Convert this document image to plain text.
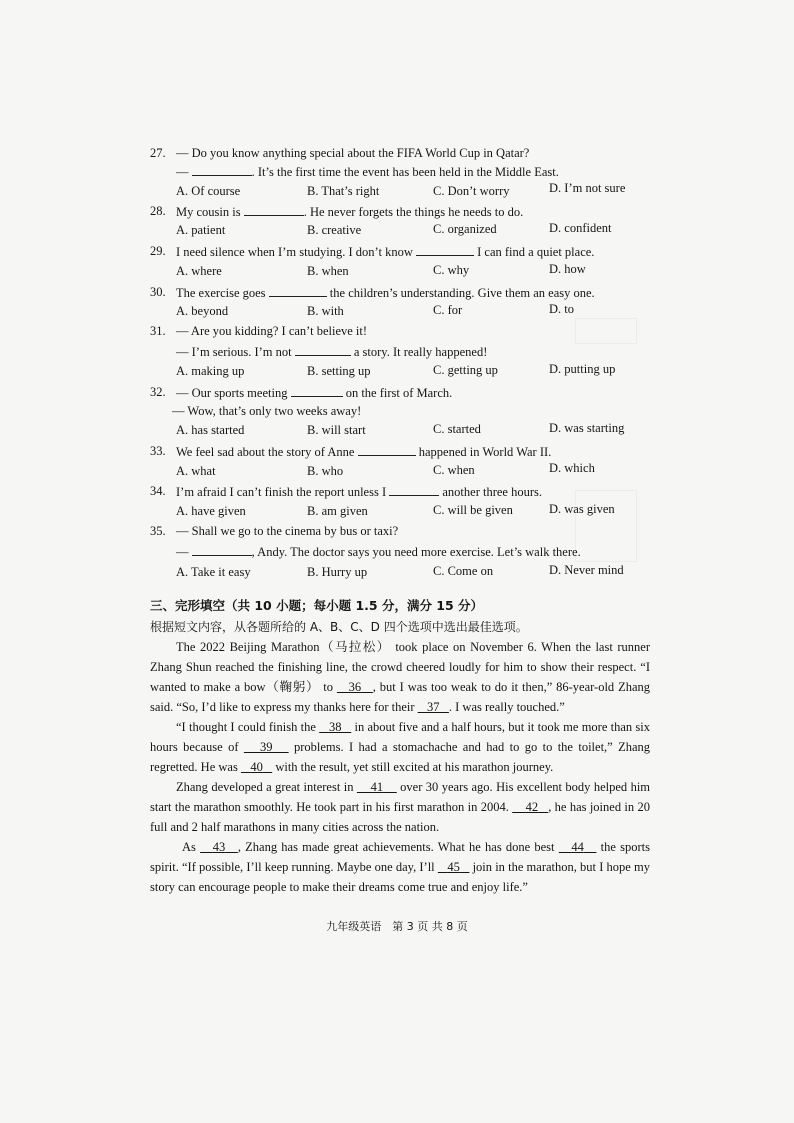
27. — Do you know anything special about the FIFA World Cup in Qatar?
—	. It’s the first time the event has been held in the Middle East.
A. Of course	B. That’s right	C. Don’t worry	D. I’m not sure
28. My cousin is	. He never forgets the things he needs to do.
A. patient	B. creative	C. organized	D. confident
29. I need silence when I’m studying. I don’t know	I can find a quiet place.
A. where	B. when	C. why	D. how
30. The exercise goes	the children’s understanding. Give them an easy one.
A. beyond	B. with	C. for	D. to
31. — Are you kidding? I can’t believe it!
— I’m serious. I’m not	a story. It really happened!
A. making up	B. setting up	C. getting up	D. putting up
32. — Our sports meeting	on the first of March.
— Wow, that’s only two weeks away!
A. has started	B. will start	C. started	D. was starting
33. We feel sad about the story of Anne	happened in World War II.
A. what	B. who	C. when	D. which
34. I’m afraid I can’t finish the report unless I	another three hours.
A. have given	B. am given	C. will be given	D. was given
35. — Shall we go to the cinema by bus or taxi?
—	, Andy. The doctor says you need more exercise. Let’s walk there.
A. Take it easy	B. Hurry up	C. Come on	D. Never mind
三、完形填空（共 10 小题；每小题 1.5 分，满分 15 分）
根据短文内容，从各题所给的 A、B、C、D 四个选项中选出最佳选项。

The 2022 Beijing Marathon（马拉松） took place on November 6. When the last runner Zhang Shun reached the finishing line, the crowd cheered loudly for him to show their respect. “I wanted to make a bow（鞠躬） to    36 , but I was too weak to do it then,” 86-year-old Zhang said. “So, I’d like to express my thanks here for their    37 . I was really touched.”

“I thought I could finish the    38    in about five and a half hours, but it took me more than six hours because of    39    problems. I had a stomachache and had to go to the toilet,” Zhang regretted. He was    40    with the result, yet still excited at his marathon journey.

Zhang developed a great interest in     41     over 30 years ago. His excellent body helped him start the marathon smoothly. He took part in his first marathon in 2004.     42 , he has joined in 20 full and 2 half marathons in many cities across the nation.

As    43 , Zhang has made great achievements. What he has done best    44    the sports spirit. “If possible, I’ll keep running. Maybe one day, I’ll    45    join in the marathon, but I hope my story can encourage people to make their dreams come true and enjoy life.”

九年级英语　第 3 页 共 8 页
